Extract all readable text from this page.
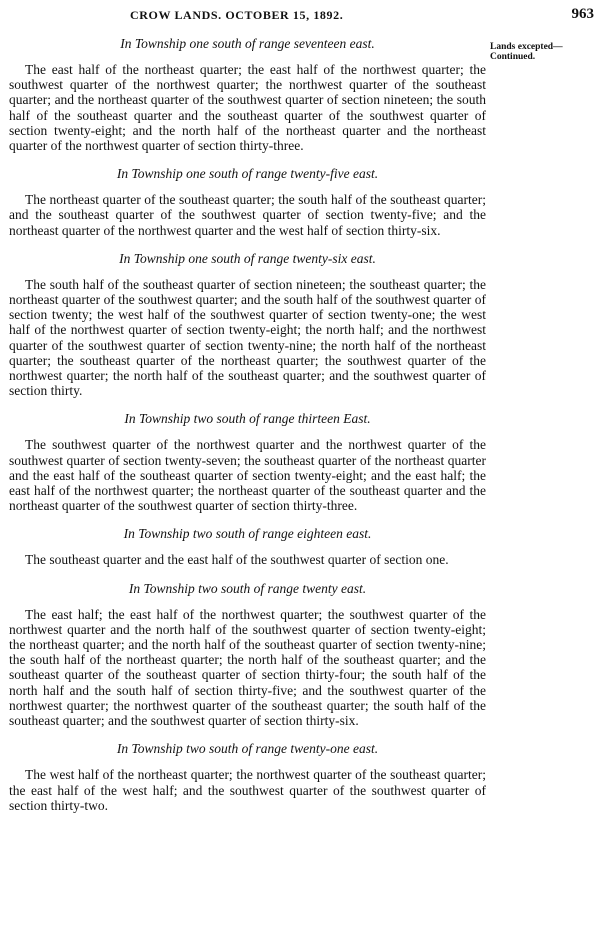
CROW LANDS. OCTOBER 15, 1892.	963
Lands excepted—
Continued.
In Township one south of range seventeen east.

The east half of the northeast quarter; the east half of the northwest quarter; the southwest quarter of the northwest quarter; the northwest quarter of the southeast quarter; and the northeast quarter of the southwest quarter of section nineteen; the south half of the southeast quarter and the southeast quarter of the southwest quarter of section twenty-eight; and the north half of the northeast quarter and the northeast quarter of the northwest quarter of section thirty-three.

In Township one south of range twenty-five east.

The northeast quarter of the southeast quarter; the south half of the southeast quarter; and the southeast quarter of the southwest quarter of section twenty-five; and the northeast quarter of the northwest quarter and the west half of section thirty-six.

In Township one south of range twenty-six east.

The south half of the southeast quarter of section nineteen; the southeast quarter; the northeast quarter of the southwest quarter; and the south half of the southwest quarter of section twenty; the west half of the southwest quarter of section twenty-one; the west half of the northwest quarter of section twenty-eight; the north half; and the northwest quarter of the southwest quarter of section twenty-nine; the north half of the northeast quarter; the southeast quarter of the northeast quarter; the southwest quarter of the northwest quarter; the north half of the southeast quarter; and the southwest quarter of section thirty.

In Township two south of range thirteen East.

The southwest quarter of the northwest quarter and the northwest quarter of the southwest quarter of section twenty-seven; the southeast quarter of the northeast quarter and the east half of the southeast quarter of section twenty-eight; and the east half; the east half of the northwest quarter; the northeast quarter of the southeast quarter and the northeast quarter of the southwest quarter of section thirty-three.

In Township two south of range eighteen east.

The southeast quarter and the east half of the southwest quarter of section one.

In Township two south of range twenty east.

The east half; the east half of the northwest quarter; the southwest quarter of the northwest quarter and the north half of the southwest quarter of section twenty-eight; the northeast quarter; and the north half of the southeast quarter of section twenty-nine; the south half of the northeast quarter; the north half of the southeast quarter; and the southeast quarter of the southeast quarter of section thirty-four; the south half of the north half and the south half of section thirty-five; and the southwest quarter of the northwest quarter; the northwest quarter of the southeast quarter; the south half of the southeast quarter; and the southwest quarter of section thirty-six.

In Township two south of range twenty-one east.

The west half of the northeast quarter; the northwest quarter of the southeast quarter; the east half of the west half; and the southwest quarter of the southwest quarter of section thirty-two.
